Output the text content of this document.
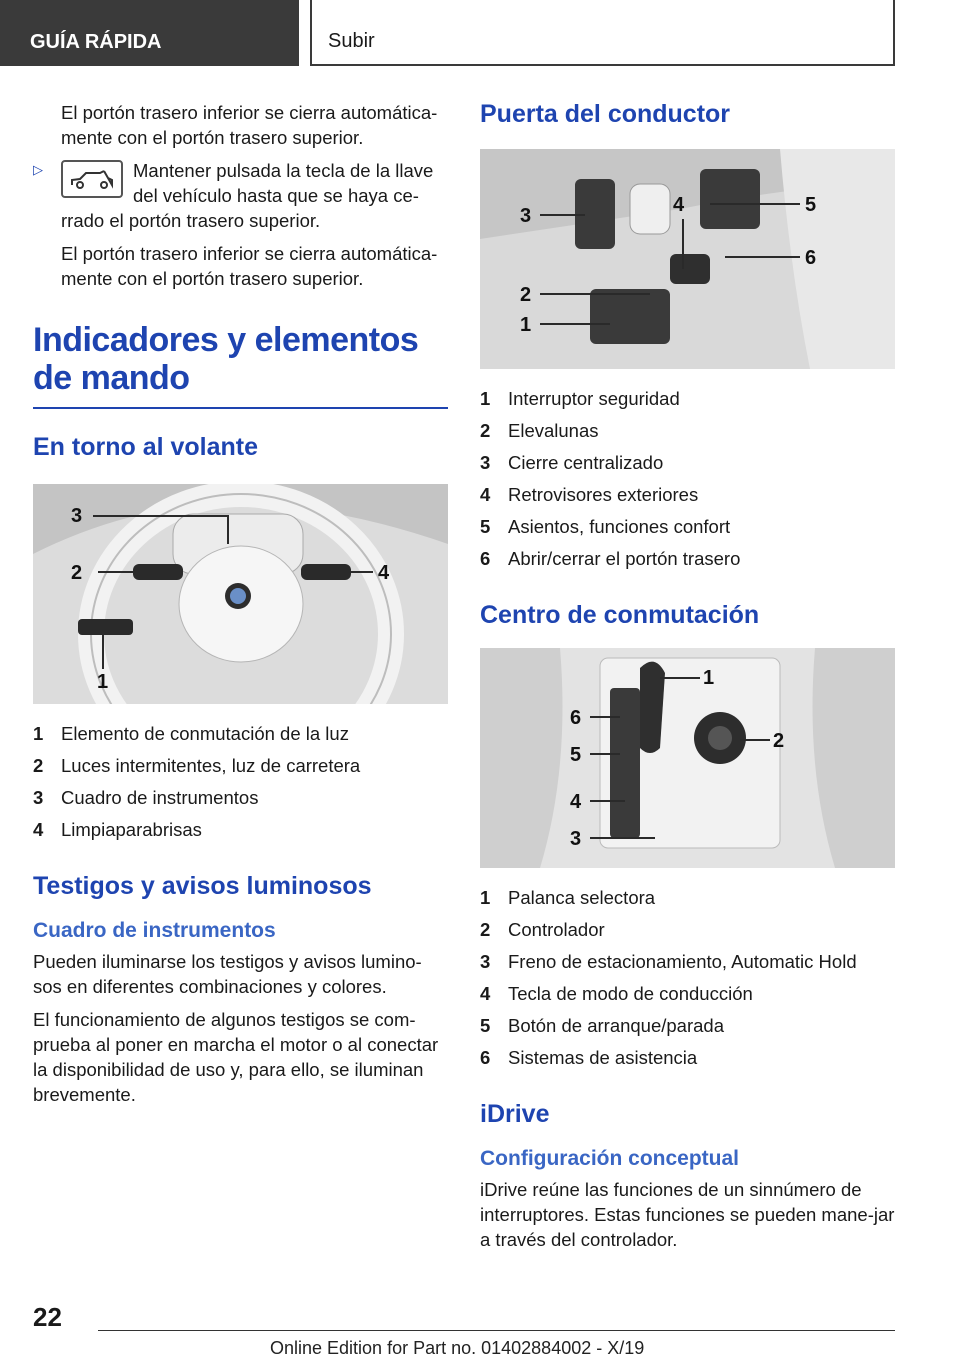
GUÍA RÁPIDA	Subir

El portón trasero inferior se cierra automática-mente con el portón trasero superior.

▷	Mantener pulsada la tecla de la llave del vehículo hasta que se haya ce-rrado el portón trasero superior.

El portón trasero inferior se cierra automática-mente con el portón trasero superior.

Indicadores y elementos de mando
En torno al volante
3
2	4
1
1 Elemento de conmutación de la luz
2 Luces intermitentes, luz de carretera
3 Cuadro de instrumentos
4 Limpiaparabrisas
Testigos y avisos luminosos
Cuadro de instrumentos

Pueden iluminarse los testigos y avisos lumino-sos en diferentes combinaciones y colores.

El funcionamiento de algunos testigos se com-prueba al poner en marcha el motor o al conectar la disponibilidad de uso y, para ello, se iluminan brevemente.

Puerta del conductor
3
2
1
4	5
6
1 Interruptor seguridad
2 Elevalunas
3 Cierre centralizado
4 Retrovisores exteriores
5 Asientos, funciones confort
6 Abrir/cerrar el portón trasero
Centro de conmutación
1
2
6
5
4
3
1 Palanca selectora
2 Controlador
3 Freno de estacionamiento, Automatic Hold
4 Tecla de modo de conducción
5 Botón de arranque/parada
6 Sistemas de asistencia
iDrive
Configuración conceptual

iDrive reúne las funciones de un sinnúmero de interruptores. Estas funciones se pueden mane-jar a través del controlador.

22
Online Edition for Part no. 01402884002 - X/19
